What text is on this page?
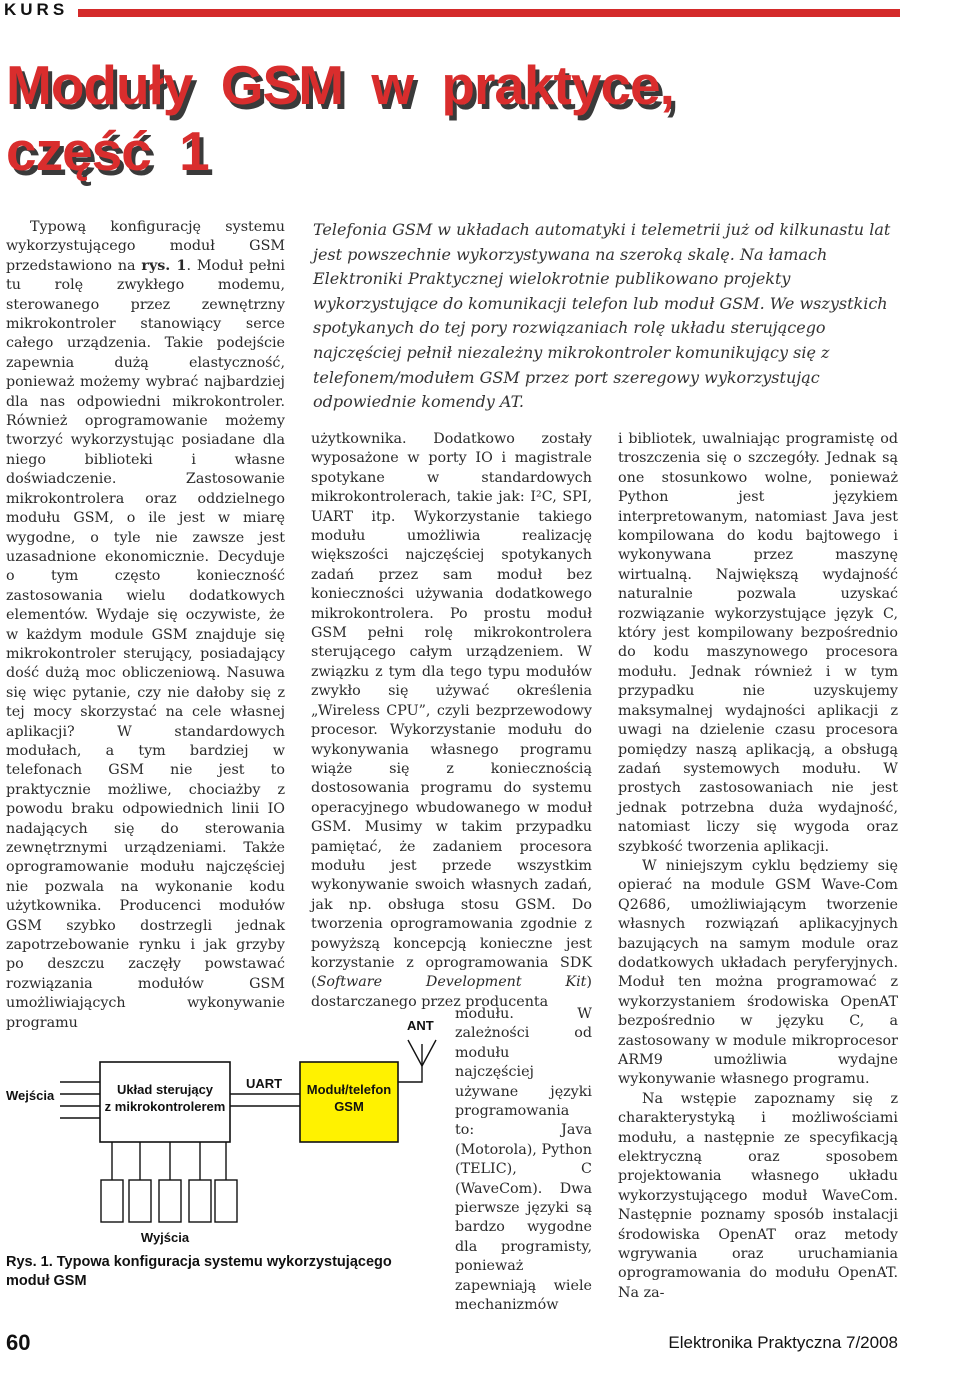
KURS
Moduły GSM w praktyce,
część 1

Telefonia GSM w układach automatyki i telemetrii już od kilkunastu lat jest powszechnie wykorzystywana na szeroką skalę. Na łamach Elektroniki Praktycznej wielokrotnie publikowano projekty wykorzystujące do komunikacji telefon lub moduł GSM. We wszystkich spotykanych do tej pory rozwiązaniach rolę układu sterującego najczęściej pełnił niezależny mikrokontroler komunikujący się z telefonem/modułem GSM przez port szeregowy wykorzystując odpowiednie komendy AT.

Typową konfigurację systemu wykorzystującego moduł GSM przedstawiono na rys. 1. Moduł pełni tu rolę zwykłego modemu, sterowanego przez zewnętrzny mikrokontroler stanowiący serce całego urządzenia. Takie podejście zapewnia dużą elastyczność, ponieważ możemy wybrać najbardziej dla nas odpowiedni mikrokontroler. Również oprogramowanie możemy tworzyć wykorzystując posiadane dla niego biblioteki i własne doświadczenie. Zastosowanie mikrokontrolera oraz oddzielnego modułu GSM, o ile jest w miarę wygodne, o tyle nie zawsze jest uzasadnione ekonomicznie. Decyduje o tym często konieczność zastosowania wielu dodatkowych elementów. Wydaje się oczywiste, że w każdym module GSM znajduje się mikrokontroler sterujący, posiadający dość dużą moc obliczeniową. Nasuwa się więc pytanie, czy nie dałoby się z tej mocy skorzystać na cele własnej aplikacji? W standardowych modułach, a tym bardziej w telefonach GSM nie jest to praktycznie możliwe, chociażby z powodu braku odpowiednich linii IO nadających się do sterowania zewnętrznymi urządzeniami. Także oprogramowanie modułu najczęściej nie pozwala na wykonanie kodu użytkownika. Producenci modułów GSM szybko dostrzegli jednak zapotrzebowanie rynku i jak grzyby po deszczu zaczęły powstawać rozwiązania modułów GSM umożliwiających wykonywanie programu

użytkownika. Dodatkowo zostały wyposażone w porty IO i magistrale spotykane w standardowych mikrokontrolerach, takie jak: I²C, SPI, UART itp. Wykorzystanie takiego modułu umożliwia realizację większości najczęściej spotykanych zadań przez sam moduł bez konieczności używania dodatkowego mikrokontrolera. Po prostu moduł GSM pełni rolę mikrokontrolera sterującego całym urządzeniem. W związku z tym dla tego typu modułów zwykło się używać określenia „Wireless CPU”, czyli bezprzewodowy procesor. Wykorzystanie modułu do wykonywania własnego programu wiąże się z koniecznością dostosowania programu do systemu operacyjnego wbudowanego w moduł GSM. Musimy w takim przypadku pamiętać, że zadaniem procesora modułu jest przede wszystkim wykonywanie swoich własnych zadań, jak np. obsługa stosu GSM. Do tworzenia oprogramowania zgodnie z powyższą koncepcją konieczne jest korzystanie z oprogramowania SDK (Software Development Kit) dostarczanego przez producenta

modułu. W zależności od modułu najczęściej używane języki programowania to: Java (Motorola), Python (TELIC), C (WaveCom). Dwa pierwsze języki są bardzo wygodne dla programisty, ponieważ zapewniają wiele mechanizmów

i bibliotek, uwalniając programistę od troszczenia się o szczegóły. Jednak są one stosunkowo wolne, ponieważ Python jest językiem interpretowanym, natomiast Java jest kompilowana do kodu bajtowego i wykonywana przez maszynę wirtualną. Największą wydajność naturalnie pozwala uzyskać rozwiązanie wykorzystujące język C, który jest kompilowany bezpośrednio do kodu maszynowego procesora modułu. Jednak również i w tym przypadku nie uzyskujemy maksymalnej wydajności aplikacji z uwagi na dzielenie czasu procesora pomiędzy naszą aplikacją, a obsługą zadań systemowych modułu. W prostych zastosowaniach nie jest jednak potrzebna duża wydajność, natomiast liczy się wygoda oraz szybkość tworzenia aplikacji.

W niniejszym cyklu będziemy się opierać na module GSM Wave-Com Q2686, umożliwiającym tworzenie własnych rozwiązań aplikacyjnych bazujących na samym module oraz dodatkowych układach peryferyjnych. Moduł ten można programować z wykorzystaniem środowiska OpenAT bezpośrednio w języku C, a zastosowany w module mikroprocesor ARM9 umożliwia wydajne wykonywanie własnego programu.

Na wstępie zapoznamy się z charakterystyką i możliwościami modułu, a następnie ze specyfikacją elektryczną oraz sposobem projektowania własnego układu wykorzystującego moduł WaveCom. Następnie poznamy sposób instalacji środowiska OpenAT oraz metody wgrywania oraz uruchamiania oprogramowania do modułu OpenAT. Na za-

Wejścia	Układ sterujący
z mikrokontrolerem
UART Moduł/telefon
GSM
ANT
Wyjścia

Rys. 1. Typowa konfiguracja systemu wykorzystującego moduł GSM

60	Elektronika Praktyczna 7/2008
